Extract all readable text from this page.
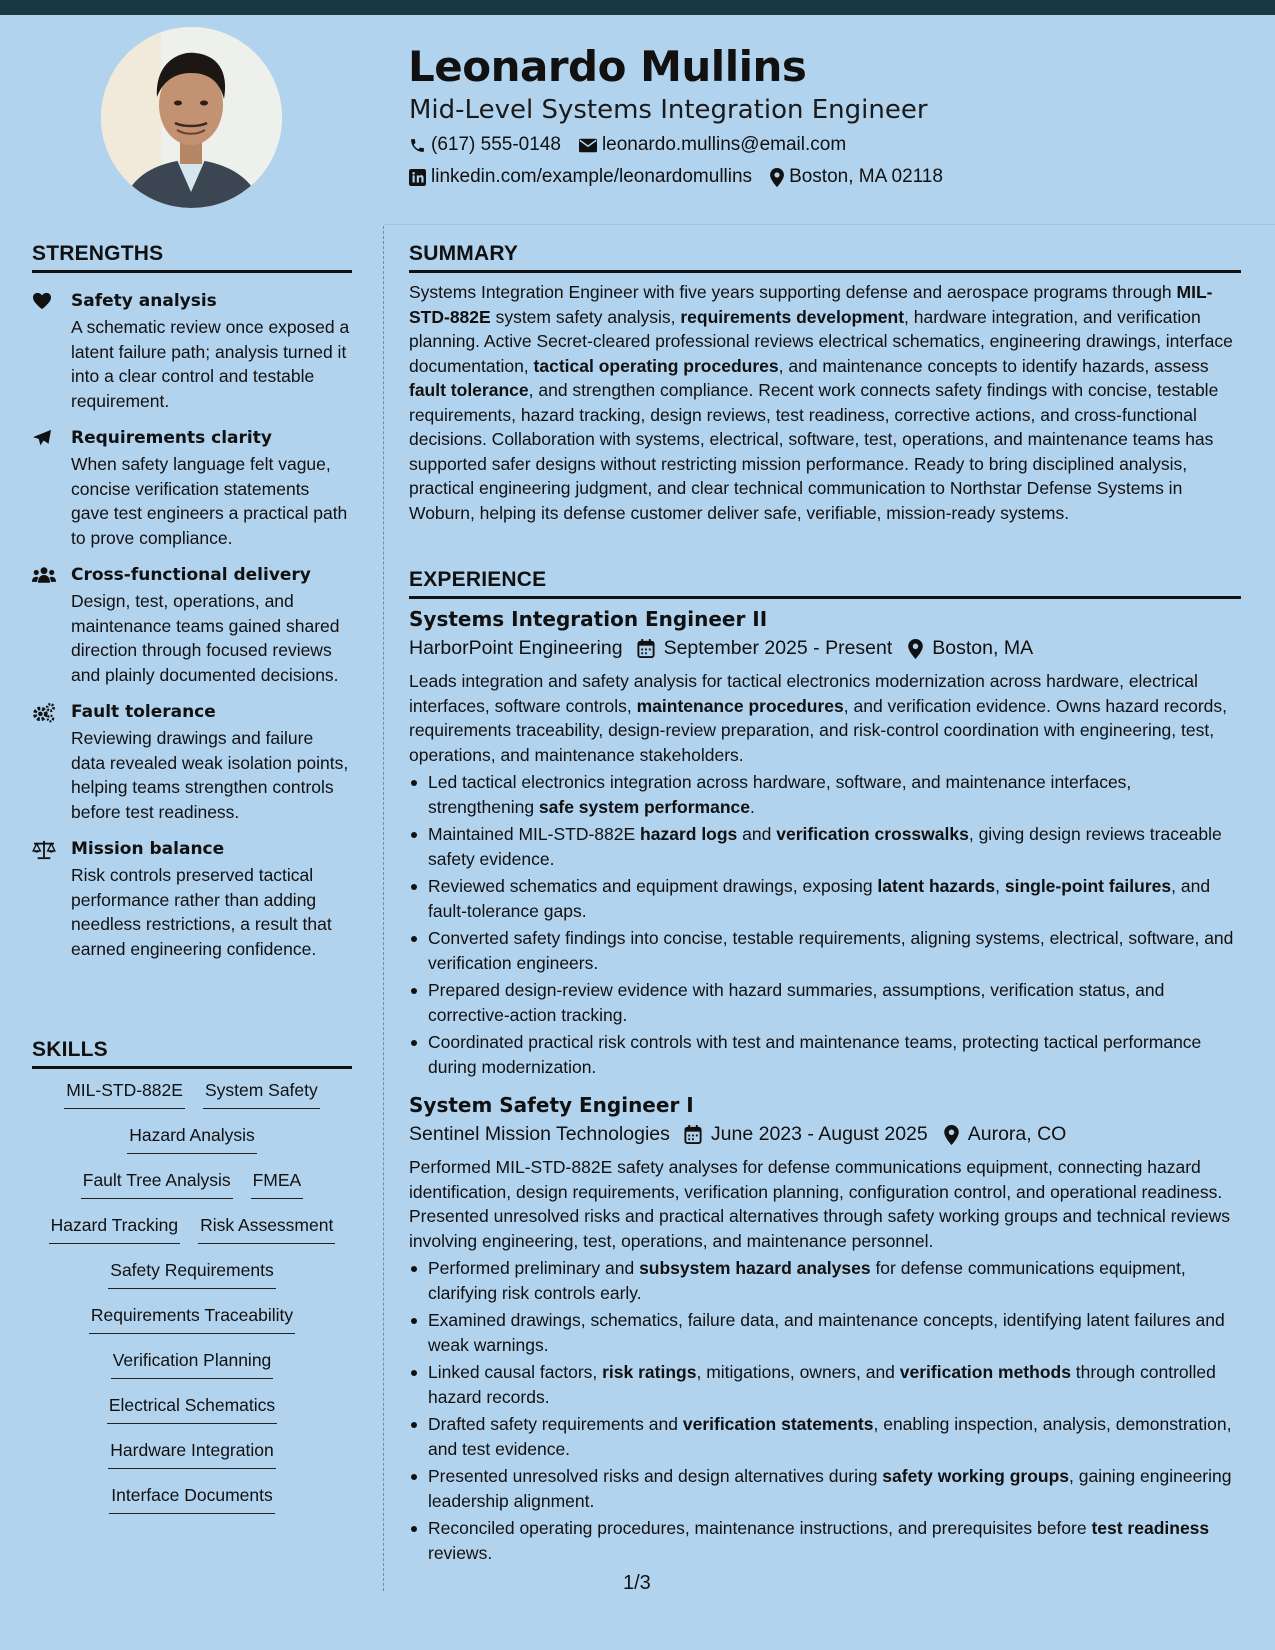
Leonardo Mullins
Mid-Level Systems Integration Engineer
(617) 555-0148 leonardo.mullins@email.com
linkedin.com/example/leonardomullins Boston, MA 02118
STRENGTHS
Safety analysis
A schematic review once exposed a latent failure path; analysis turned it into a clear control and testable requirement.
Requirements clarity
When safety language felt vague, concise verification statements gave test engineers a practical path to prove compliance.
Cross-functional delivery
Design, test, operations, and maintenance teams gained shared direction through focused reviews and plainly documented decisions.
Fault tolerance
Reviewing drawings and failure data revealed weak isolation points, helping teams strengthen controls before test readiness.
Mission balance
Risk controls preserved tactical performance rather than adding needless restrictions, a result that earned engineering confidence.
SKILLS
MIL-STD-882E System Safety
Hazard Analysis
Fault Tree Analysis FMEA
Hazard Tracking Risk Assessment
Safety Requirements
Requirements Traceability
Verification Planning
Electrical Schematics
Hardware Integration
Interface Documents
SUMMARY
Systems Integration Engineer with five years supporting defense and aerospace programs through MIL-STD-882E system safety analysis, requirements development, hardware integration, and verification planning. Active Secret-cleared professional reviews electrical schematics, engineering drawings, interface documentation, tactical operating procedures, and maintenance concepts to identify hazards, assess fault tolerance, and strengthen compliance. Recent work connects safety findings with concise, testable requirements, hazard tracking, design reviews, test readiness, corrective actions, and cross-functional decisions. Collaboration with systems, electrical, software, test, operations, and maintenance teams has supported safer designs without restricting mission performance. Ready to bring disciplined analysis, practical engineering judgment, and clear technical communication to Northstar Defense Systems in Woburn, helping its defense customer deliver safe, verifiable, mission-ready systems.
EXPERIENCE
Systems Integration Engineer II
HarborPoint Engineering September 2025 - Present Boston, MA
Leads integration and safety analysis for tactical electronics modernization across hardware, electrical interfaces, software controls, maintenance procedures, and verification evidence. Owns hazard records, requirements traceability, design-review preparation, and risk-control coordination with engineering, test, operations, and maintenance stakeholders.
Led tactical electronics integration across hardware, software, and maintenance interfaces, strengthening safe system performance.
Maintained MIL-STD-882E hazard logs and verification crosswalks, giving design reviews traceable safety evidence.
Reviewed schematics and equipment drawings, exposing latent hazards, single-point failures, and fault-tolerance gaps.
Converted safety findings into concise, testable requirements, aligning systems, electrical, software, and verification engineers.
Prepared design-review evidence with hazard summaries, assumptions, verification status, and corrective-action tracking.
Coordinated practical risk controls with test and maintenance teams, protecting tactical performance during modernization.
System Safety Engineer I
Sentinel Mission Technologies June 2023 - August 2025 Aurora, CO
Performed MIL-STD-882E safety analyses for defense communications equipment, connecting hazard identification, design requirements, verification planning, configuration control, and operational readiness. Presented unresolved risks and practical alternatives through safety working groups and technical reviews involving engineering, test, operations, and maintenance personnel.
Performed preliminary and subsystem hazard analyses for defense communications equipment, clarifying risk controls early.
Examined drawings, schematics, failure data, and maintenance concepts, identifying latent failures and weak warnings.
Linked causal factors, risk ratings, mitigations, owners, and verification methods through controlled hazard records.
Drafted safety requirements and verification statements, enabling inspection, analysis, demonstration, and test evidence.
Presented unresolved risks and design alternatives during safety working groups, gaining engineering leadership alignment.
Reconciled operating procedures, maintenance instructions, and prerequisites before test readiness reviews.
1/3
